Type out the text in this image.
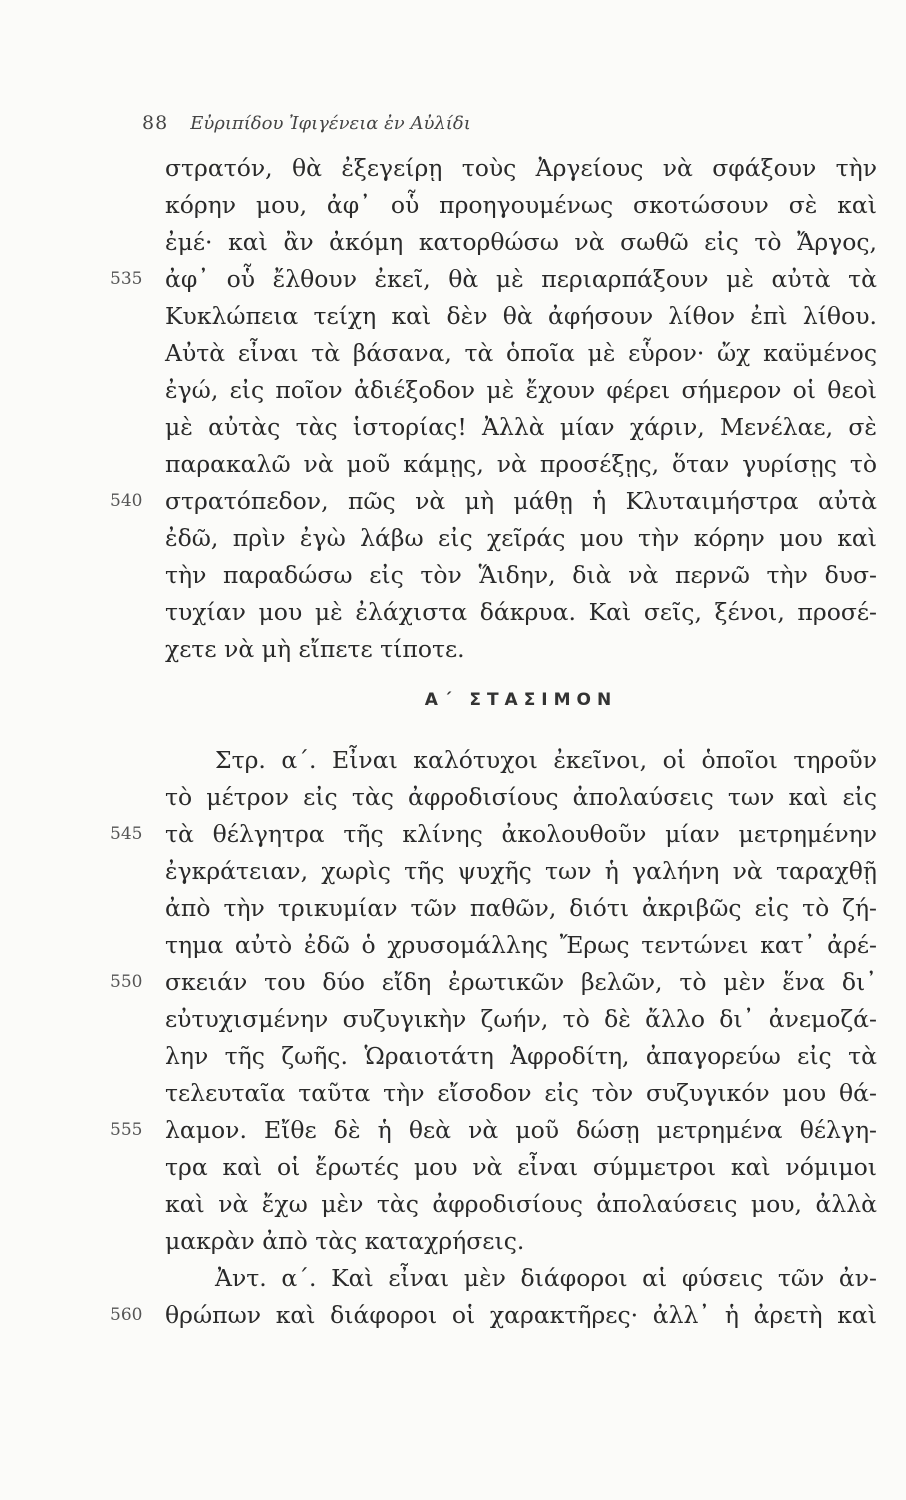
88 Εὐριπίδου Ἰφιγένεια ἐν Αὐλίδι
στρατόν, θὰ ἐξεγείρῃ τοὺς Ἀργείους νὰ σφάξουν τὴν
κόρην μου, ἀφ᾿ οὗ προηγουμένως σκοτώσουν σὲ καὶ
ἐμέ· καὶ ἂν ἀκόμη κατορθώσω νὰ σωθῶ εἰς τὸ Ἄργος,
ἀφ᾿ οὗ ἔλθουν ἐκεῖ, θὰ μὲ περιαρπάξουν μὲ αὐτὰ τὰ
535
Κυκλώπεια τείχη καὶ δὲν θὰ ἀφήσουν λίθον ἐπὶ λίθου.
Αὐτὰ εἶναι τὰ βάσανα, τὰ ὁποῖα μὲ εὗρον· ὤχ καϋμένος
ἐγώ, εἰς ποῖον ἀδιέξοδον μὲ ἔχουν φέρει σήμερον οἱ θεοὶ
μὲ αὐτὰς τὰς ἱστορίας! Ἀλλὰ μίαν χάριν, Μενέλαε, σὲ
παρακαλῶ νὰ μοῦ κάμῃς, νὰ προσέξῃς, ὅταν γυρίσῃς τὸ
στρατόπεδον, πῶς νὰ μὴ μάθῃ ἡ Κλυταιμήστρα αὐτὰ
540
ἐδῶ, πρὶν ἐγὼ λάβω εἰς χεῖράς μου τὴν κόρην μου καὶ
τὴν παραδώσω εἰς τὸν Ἅιδην, διὰ νὰ περνῶ τὴν δυσ-
τυχίαν μου μὲ ἐλάχιστα δάκρυα. Καὶ σεῖς, ξένοι, προσέ-
χετε νὰ μὴ εἴπετε τίποτε.
Α΄ ΣΤΑΣΙΜΟΝ
Στρ. α΄. Εἶναι καλότυχοι ἐκεῖνοι, οἱ ὁποῖοι τηροῦν
τὸ μέτρον εἰς τὰς ἀφροδισίους ἀπολαύσεις των καὶ εἰς
τὰ θέλγητρα τῆς κλίνης ἀκολουθοῦν μίαν μετρημένην
545
ἐγκράτειαν, χωρὶς τῆς ψυχῆς των ἡ γαλήνη νὰ ταραχθῇ
ἀπὸ τὴν τρικυμίαν τῶν παθῶν, διότι ἀκριβῶς εἰς τὸ ζή-
τημα αὐτὸ ἐδῶ ὁ χρυσομάλλης Ἔρως τεντώνει κατ᾿ ἀρέ-
σκειάν του δύο εἴδη ἐρωτικῶν βελῶν, τὸ μὲν ἕνα δι᾿
550
εὐτυχισμένην συζυγικὴν ζωήν, τὸ δὲ ἄλλο δι᾿ ἀνεμοζά-
λην τῆς ζωῆς. Ὡραιοτάτη Ἀφροδίτη, ἀπαγορεύω εἰς τὰ
τελευταῖα ταῦτα τὴν εἴσοδον εἰς τὸν συζυγικόν μου θά-
λαμον. Εἴθε δὲ ἡ θεὰ νὰ μοῦ δώσῃ μετρημένα θέλγη-
555
τρα καὶ οἱ ἔρωτές μου νὰ εἶναι σύμμετροι καὶ νόμιμοι
καὶ νὰ ἔχω μὲν τὰς ἀφροδισίους ἀπολαύσεις μου, ἀλλὰ
μακρὰν ἀπὸ τὰς καταχρήσεις.
Ἀντ. α΄. Καὶ εἶναι μὲν διάφοροι αἱ φύσεις τῶν ἀν-
θρώπων καὶ διάφοροι οἱ χαρακτῆρες· ἀλλ᾿ ἡ ἀρετὴ καὶ
560
